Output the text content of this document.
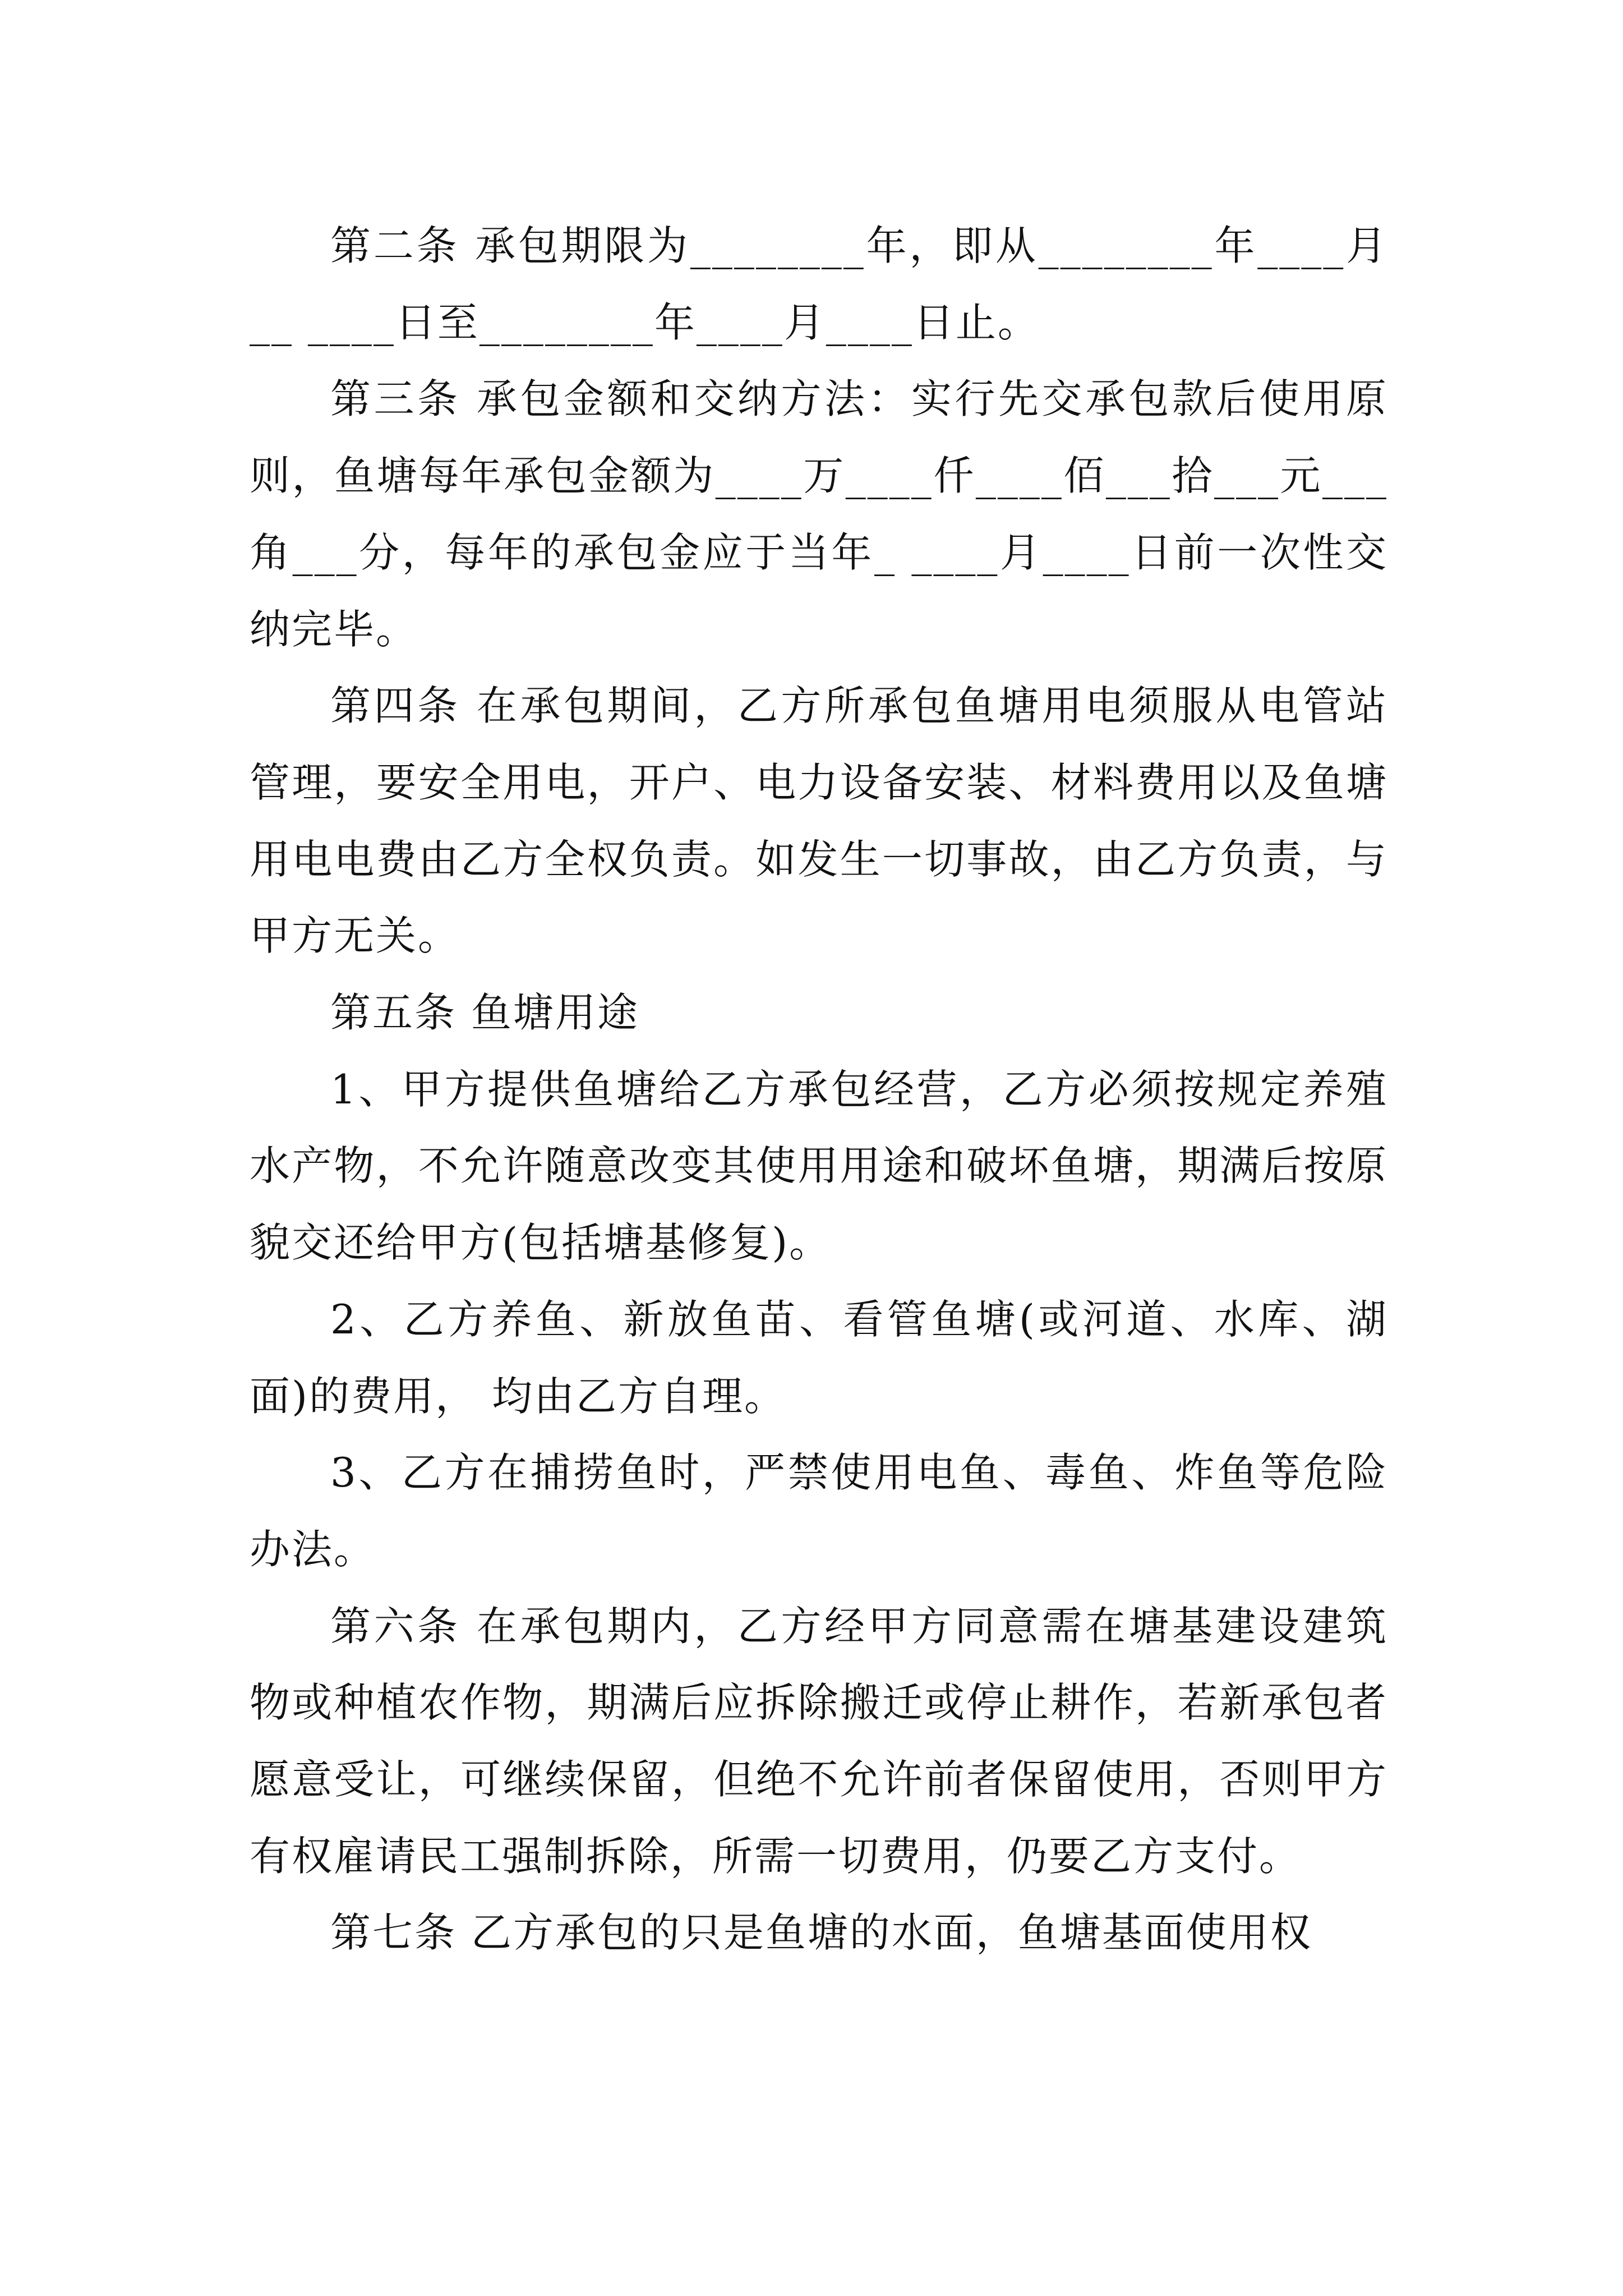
第二条 承包期限为________年，即从________年____月__ ____日至________年____月____日止。

第三条 承包金额和交纳方法：实行先交承包款后使用原则，鱼塘每年承包金额为____万____仟____佰___拾___元___角___分，每年的承包金应于当年_ ____月____日前一次性交纳完毕。

第四条 在承包期间，乙方所承包鱼塘用电须服从电管站管理，要安全用电，开户、电力设备安装、材料费用以及鱼塘用电电费由乙方全权负责。如发生一切事故，由乙方负责，与甲方无关。

第五条 鱼塘用途

1、甲方提供鱼塘给乙方承包经营，乙方必须按规定养殖水产物，不允许随意改变其使用用途和破坏鱼塘，期满后按原貌交还给甲方(包括塘基修复)。

2、乙方养鱼、新放鱼苗、看管鱼塘(或河道、水库、湖面)的费用， 均由乙方自理。

3、乙方在捕捞鱼时，严禁使用电鱼、毒鱼、炸鱼等危险办法。

第六条 在承包期内，乙方经甲方同意需在塘基建设建筑物或种植农作物，期满后应拆除搬迁或停止耕作，若新承包者愿意受让，可继续保留，但绝不允许前者保留使用，否则甲方有权雇请民工强制拆除，所需一切费用，仍要乙方支付。

第七条 乙方承包的只是鱼塘的水面，鱼塘基面使用权
